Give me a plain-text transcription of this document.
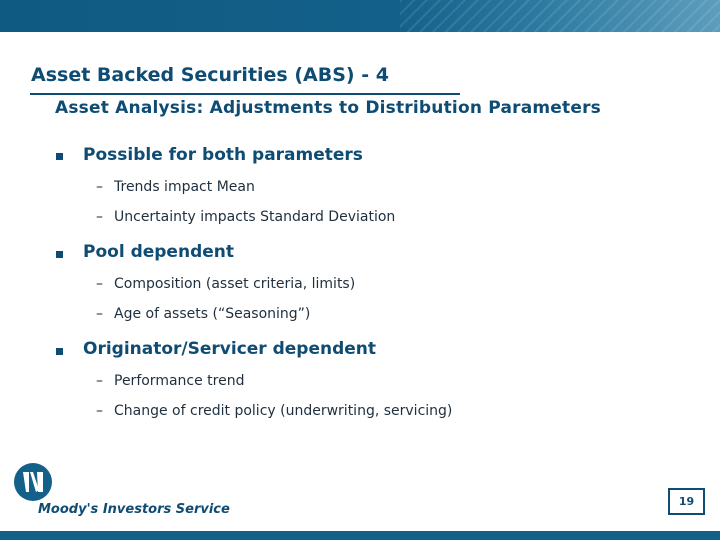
Asset Backed Securities (ABS) - 4
Asset Analysis: Adjustments to Distribution Parameters
Possible for both parameters
– Trends impact Mean
– Uncertainty impacts Standard Deviation
Pool dependent
– Composition (asset criteria, limits)
– Age of assets (“Seasoning”)
Originator/Servicer dependent
– Performance trend
– Change of credit policy (underwriting, servicing)
Moody's Investors Service
19
